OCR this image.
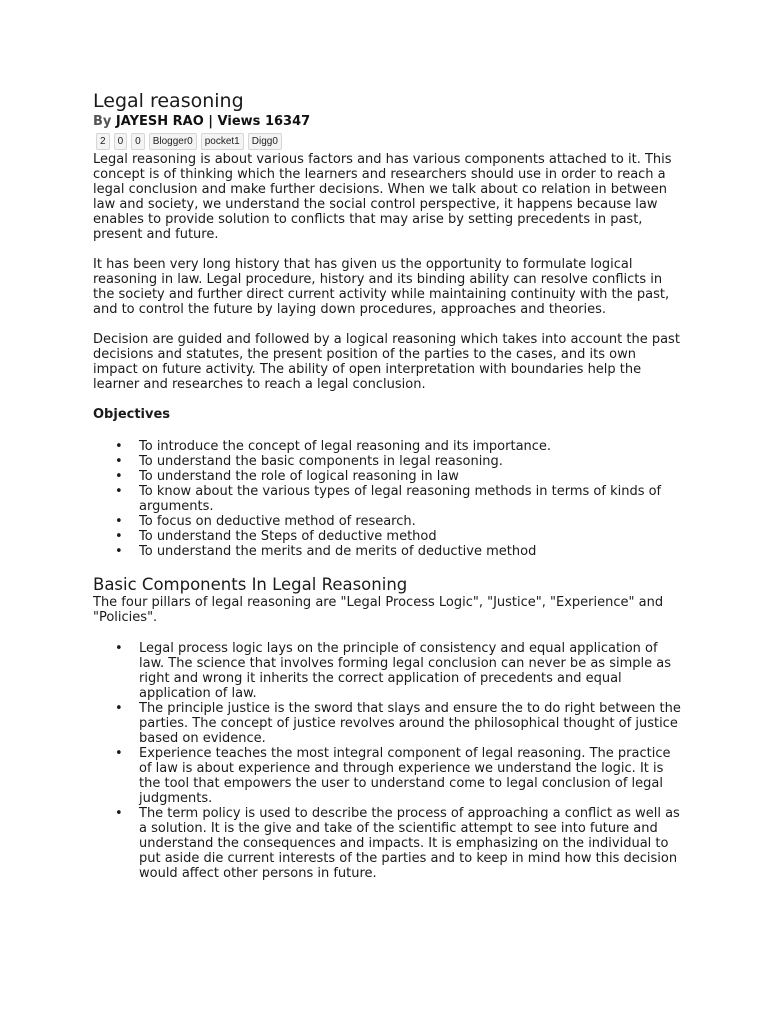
Legal reasoning
By JAYESH RAO | Views 16347
2	0	0	Blogger0	pocket1	Digg0

Legal reasoning is about various factors and has various components attached to it. This concept is of thinking which the learners and researchers should use in order to reach a legal conclusion and make further decisions. When we talk about co relation in between law and society, we understand the social control perspective, it happens because law enables to provide solution to conflicts that may arise by setting precedents in past, present and future.

It has been very long history that has given us the opportunity to formulate logical reasoning in law. Legal procedure, history and its binding ability can resolve conflicts in the society and further direct current activity while maintaining continuity with the past, and to control the future by laying down procedures, approaches and theories.

Decision are guided and followed by a logical reasoning which takes into account the past decisions and statutes, the present position of the parties to the cases, and its own impact on future activity. The ability of open interpretation with boundaries help the learner and researches to reach a legal conclusion.

Objectives
• To introduce the concept of legal reasoning and its importance.
• To understand the basic components in legal reasoning.
• To understand the role of logical reasoning in law
• To know about the various types of legal reasoning methods in terms of kinds of arguments.
• To focus on deductive method of research.
• To understand the Steps of deductive method
• To understand the merits and de merits of deductive method
Basic Components In Legal Reasoning

The four pillars of legal reasoning are "Legal Process Logic", "Justice", "Experience" and "Policies".

• Legal process logic lays on the principle of consistency and equal application of law. The science that involves forming legal conclusion can never be as simple as right and wrong it inherits the correct application of precedents and equal application of law.
• The principle justice is the sword that slays and ensure the to do right between the parties. The concept of justice revolves around the philosophical thought of justice based on evidence.
• Experience teaches the most integral component of legal reasoning. The practice of law is about experience and through experience we understand the logic. It is the tool that empowers the user to understand come to legal conclusion of legal judgments.
• The term policy is used to describe the process of approaching a conflict as well as a solution. It is the give and take of the scientific attempt to see into future and understand the consequences and impacts. It is emphasizing on the individual to put aside die current interests of the parties and to keep in mind how this decision would affect other persons in future.
